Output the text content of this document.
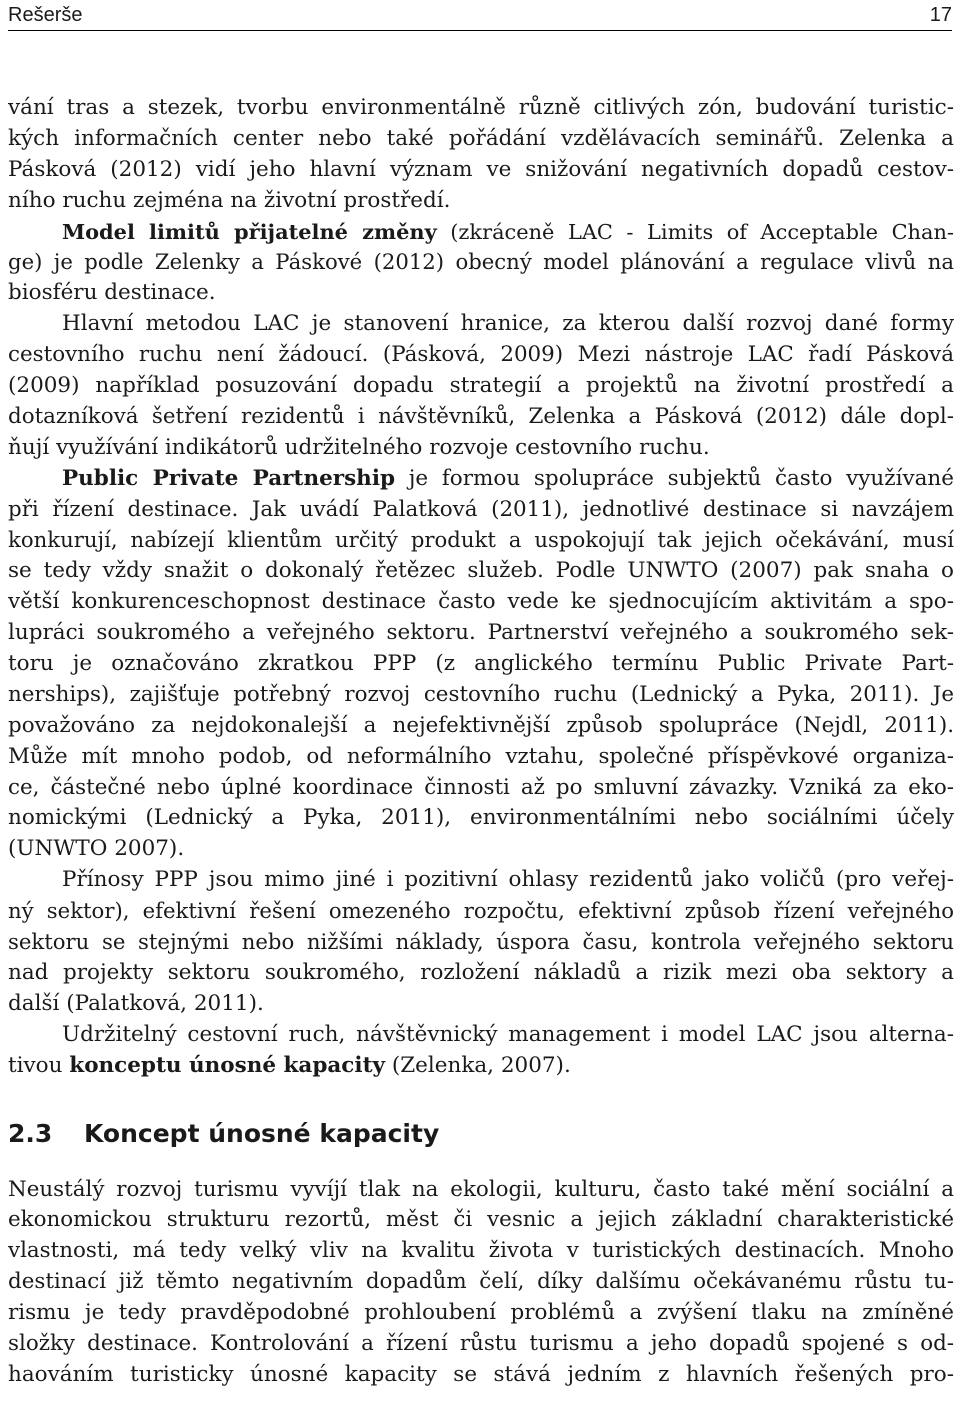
Rešerše	17
vání tras a stezek, tvorbu environmentálně různě citlivých zón, budování turistic-
kých informačních center nebo také pořádání vzdělávacích seminářů. Zelenka a
Pásková (2012) vidí jeho hlavní význam ve snižování negativních dopadů cestov-
ního ruchu zejména na životní prostředí.
Model limitů přijatelné změny (zkráceně LAC - Limits of Acceptable Chan-
ge) je podle Zelenky a Páskové (2012) obecný model plánování a regulace vlivů na
biosféru destinace.
Hlavní metodou LAC je stanovení hranice, za kterou další rozvoj dané formy
cestovního ruchu není žádoucí. (Pásková, 2009) Mezi nástroje LAC řadí Pásková
(2009) například posuzování dopadu strategií a projektů na životní prostředí a
dotazníková šetření rezidentů i návštěvníků, Zelenka a Pásková (2012) dále dopl-
ňují využívání indikátorů udržitelného rozvoje cestovního ruchu.
Public Private Partnership je formou spolupráce subjektů často využívané
při řízení destinace. Jak uvádí Palatková (2011), jednotlivé destinace si navzájem
konkurují, nabízejí klientům určitý produkt a uspokojují tak jejich očekávání, musí
se tedy vždy snažit o dokonalý řetězec služeb. Podle UNWTO (2007) pak snaha o
větší konkurenceschopnost destinace často vede ke sjednocujícím aktivitám a spo-
lupráci soukromého a veřejného sektoru. Partnerství veřejného a soukromého sek-
toru je označováno zkratkou PPP (z anglického termínu Public Private Part-
nerships), zajišťuje potřebný rozvoj cestovního ruchu (Lednický a Pyka, 2011). Je
považováno za nejdokonalejší a nejefektivnější způsob spolupráce (Nejdl, 2011).
Může mít mnoho podob, od neformálního vztahu, společné příspěvkové organiza-
ce, částečné nebo úplné koordinace činnosti až po smluvní závazky. Vzniká za eko-
nomickými (Lednický a Pyka, 2011), environmentálními nebo sociálními účely
(UNWTO 2007).
Přínosy PPP jsou mimo jiné i pozitivní ohlasy rezidentů jako voličů (pro veřej-
ný sektor), efektivní řešení omezeného rozpočtu, efektivní způsob řízení veřejného
sektoru se stejnými nebo nižšími náklady, úspora času, kontrola veřejného sektoru
nad projekty sektoru soukromého, rozložení nákladů a rizik mezi oba sektory a
další (Palatková, 2011).
Udržitelný cestovní ruch, návštěvnický management i model LAC jsou alterna-
tivou konceptu únosné kapacity (Zelenka, 2007).
2.3 Koncept únosné kapacity
Neustálý rozvoj turismu vyvíjí tlak na ekologii, kulturu, často také mění sociální a
ekonomickou strukturu rezortů, měst či vesnic a jejich základní charakteristické
vlastnosti, má tedy velký vliv na kvalitu života v turistických destinacích. Mnoho
destinací již těmto negativním dopadům čelí, díky dalšímu očekávanému růstu tu-
rismu je tedy pravděpodobné prohloubení problémů a zvýšení tlaku na zmíněné
složky destinace. Kontrolování a řízení růstu turismu a jeho dopadů spojené s od-
haováním turisticky únosné kapacity se stává jedním z hlavních řešených pro-
